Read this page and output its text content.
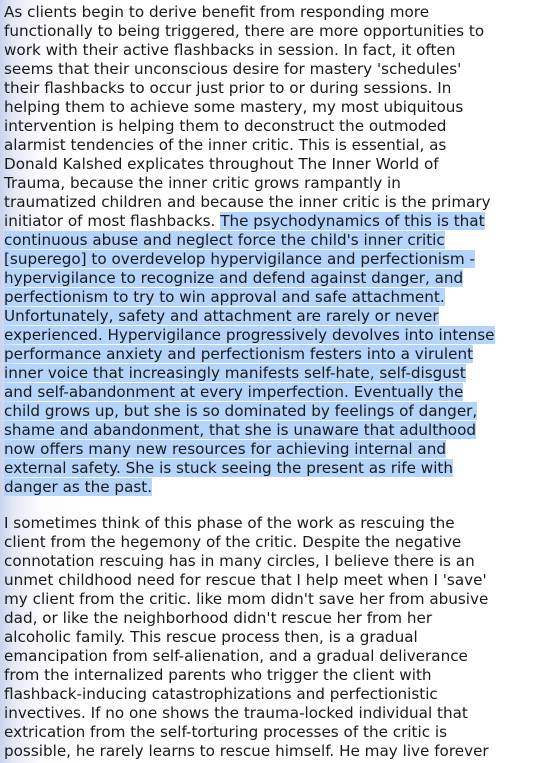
As clients begin to derive benefit from responding more
functionally to being triggered, there are more opportunities to
work with their active flashbacks in session. In fact, it often
seems that their unconscious desire for mastery 'schedules'
their flashbacks to occur just prior to or during sessions. In
helping them to achieve some mastery, my most ubiquitous
intervention is helping them to deconstruct the outmoded
alarmist tendencies of the inner critic. This is essential, as
Donald Kalshed explicates throughout The Inner World of
Trauma, because the inner critic grows rampantly in
traumatized children and because the inner critic is the primary
initiator of most flashbacks. The psychodynamics of this is that
continuous abuse and neglect force the child's inner critic
[superego] to overdevelop hypervigilance and perfectionism -
hypervigilance to recognize and defend against danger, and
perfectionism to try to win approval and safe attachment.
Unfortunately, safety and attachment are rarely or never
experienced. Hypervigilance progressively devolves into intense
performance anxiety and perfectionism festers into a virulent
inner voice that increasingly manifests self-hate, self-disgust
and self-abandonment at every imperfection. Eventually the
child grows up, but she is so dominated by feelings of danger,
shame and abandonment, that she is unaware that adulthood
now offers many new resources for achieving internal and
external safety. She is stuck seeing the present as rife with
danger as the past.
I sometimes think of this phase of the work as rescuing the
client from the hegemony of the critic. Despite the negative
connotation rescuing has in many circles, I believe there is an
unmet childhood need for rescue that I help meet when I 'save'
my client from the critic. like mom didn't save her from abusive
dad, or like the neighborhood didn't rescue her from her
alcoholic family. This rescue process then, is a gradual
emancipation from self-alienation, and a gradual deliverance
from the internalized parents who trigger the client with
flashback-inducing catastrophizations and perfectionistic
invectives. If no one shows the trauma-locked individual that
extrication from the self-torturing processes of the critic is
possible, he rarely learns to rescue himself. He may live forever
